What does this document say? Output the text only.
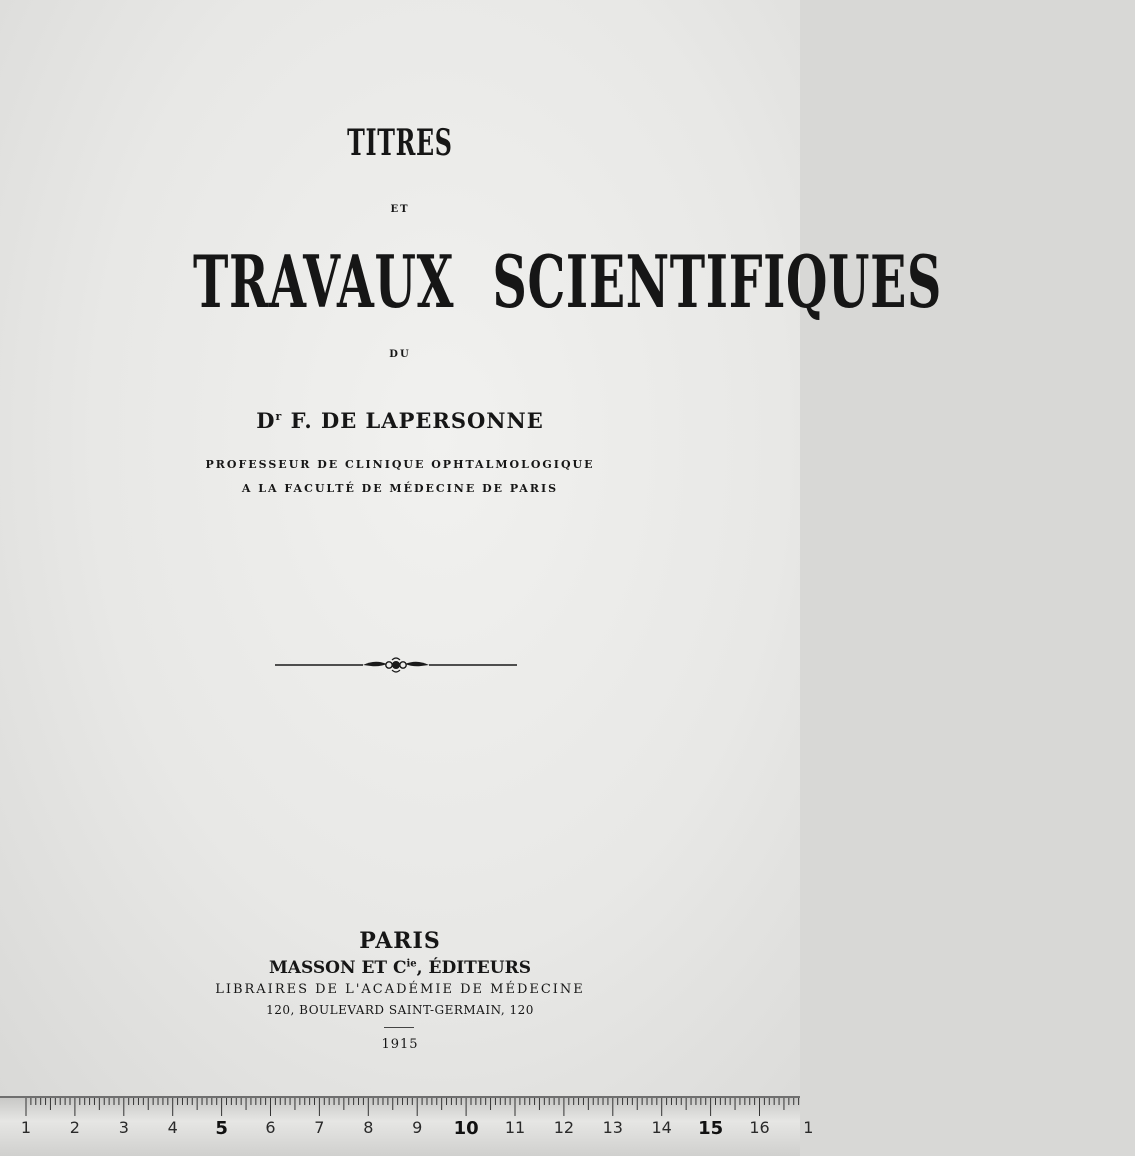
TITRES
ET
TRAVAUX SCIENTIFIQUES
DU
$D^r$ F. DE LAPERSONNE
PROFESSEUR DE CLINIQUE OPHTALMOLOGIQUE
A LA FACULTÉ DE MÉDECINE DE PARIS
PARIS
MASSON ET $C^{ie}$, ÉDITEURS
LIBRAIRES DE L'ACADÉMIE DE MÉDECINE
120, BOULEVARD SAINT-GERMAIN, 120
1915
1	2	3	4	5	6	7	8	9	10	11	12	13	14 15	16	1
